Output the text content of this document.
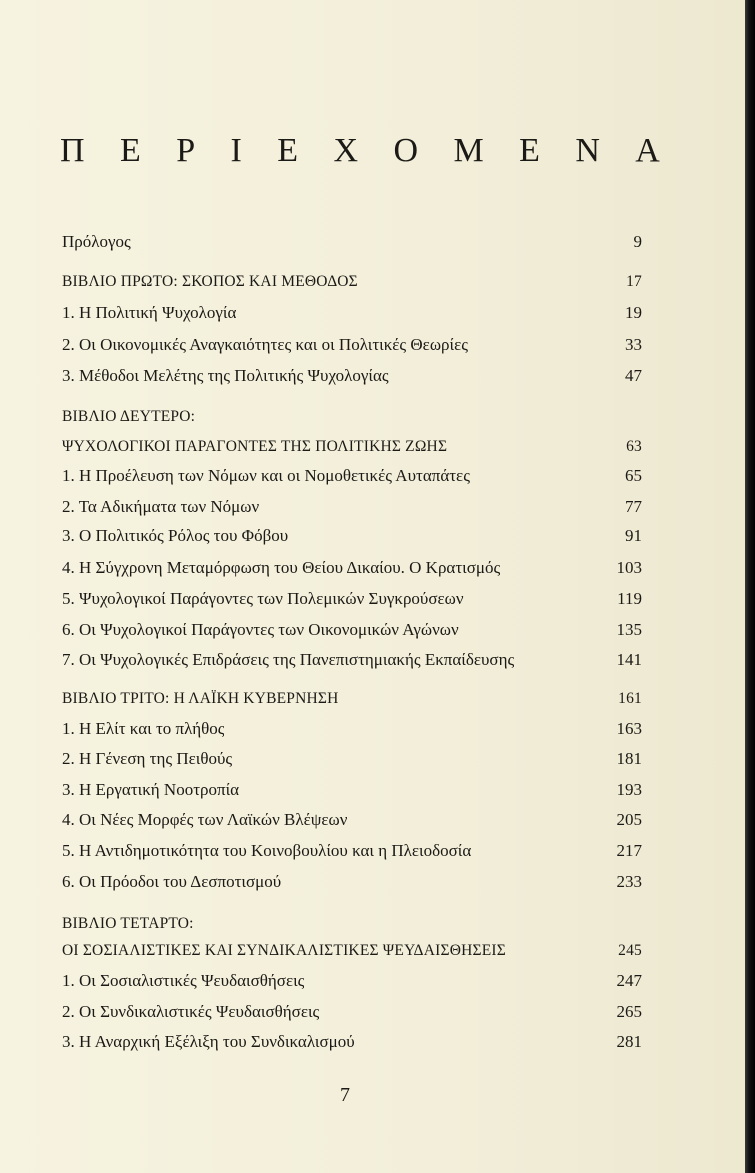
Π Ε Ρ Ι Ε Χ Ο Μ Ε Ν Α
Πρόλογος	9
ΒΙΒΛΙΟ ΠΡΩΤΟ: ΣΚΟΠΟΣ ΚΑΙ ΜΕΘΟΔΟΣ	17
1. Η Πολιτική Ψυχολογία	19
2. Οι Οικονομικές Αναγκαιότητες και οι Πολιτικές Θεωρίες	33
3. Μέθοδοι Μελέτης της Πολιτικής Ψυχολογίας	47
ΒΙΒΛΙΟ ΔΕΥΤΕΡΟ:
ΨΥΧΟΛΟΓΙΚΟΙ ΠΑΡΑΓΟΝΤΕΣ ΤΗΣ ΠΟΛΙΤΙΚΗΣ ΖΩΗΣ	63
1. Η Προέλευση των Νόμων και οι Νομοθετικές Αυταπάτες	65
2. Τα Αδικήματα των Νόμων	77
3. Ο Πολιτικός Ρόλος του Φόβου	91
4. Η Σύγχρονη Μεταμόρφωση του Θείου Δικαίου. Ο Κρατισμός	103
5. Ψυχολογικοί Παράγοντες των Πολεμικών Συγκρούσεων	119
6. Οι Ψυχολογικοί Παράγοντες των Οικονομικών Αγώνων	135
7. Οι Ψυχολογικές Επιδράσεις της Πανεπιστημιακής Εκπαίδευσης	141
ΒΙΒΛΙΟ ΤΡΙΤΟ: Η ΛΑΪΚΗ ΚΥΒΕΡΝΗΣΗ	161
1. Η Ελίτ και το πλήθος	163
2. Η Γένεση της Πειθούς	181
3. Η Εργατική Νοοτροπία	193
4. Οι Νέες Μορφές των Λαϊκών Βλέψεων	205
5. Η Αντιδημοτικότητα του Κοινοβουλίου και η Πλειοδοσία	217
6. Οι Πρόοδοι του Δεσποτισμού	233
ΒΙΒΛΙΟ ΤΕΤΑΡΤΟ:
ΟΙ ΣΟΣΙΑΛΙΣΤΙΚΕΣ ΚΑΙ ΣΥΝΔΙΚΑΛΙΣΤΙΚΕΣ ΨΕΥΔΑΙΣΘΗΣΕΙΣ	245
1. Οι Σοσιαλιστικές Ψευδαισθήσεις	247
2. Οι Συνδικαλιστικές Ψευδαισθήσεις	265
3. Η Αναρχική Εξέλιξη του Συνδικαλισμού	281
7
